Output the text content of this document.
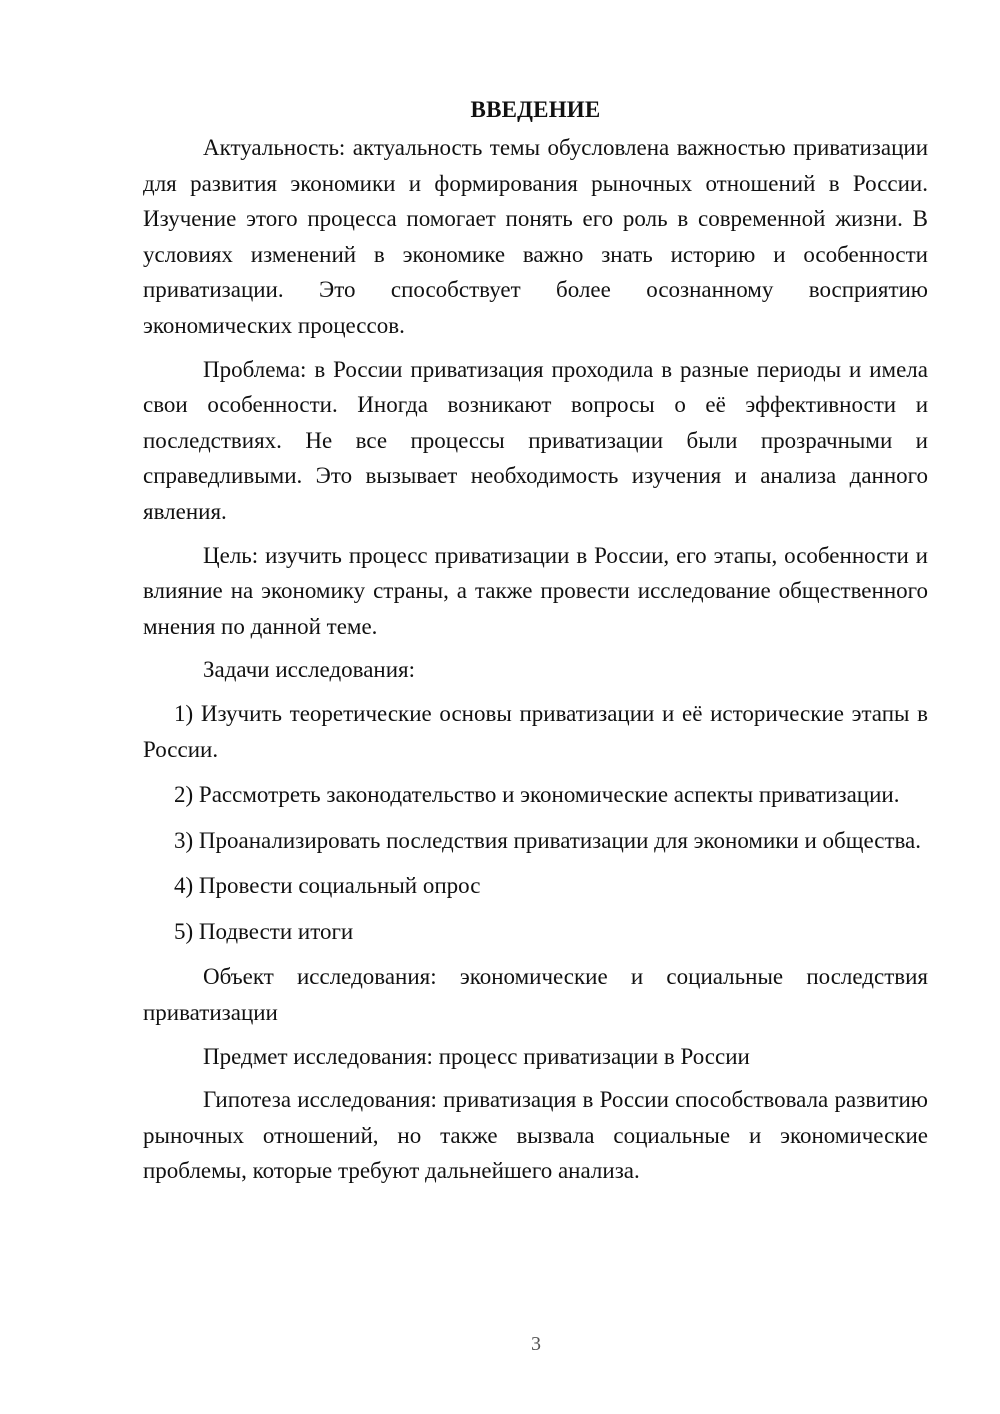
ВВЕДЕНИЕ

Актуальность: актуальность темы обусловлена важностью приватизации для развития экономики и формирования рыночных отношений в России. Изучение этого процесса помогает понять его роль в современной жизни. В условиях изменений в экономике важно знать историю и особенности приватизации. Это способствует более осознанному восприятию экономических процессов.

Проблема: в России приватизация проходила в разные периоды и имела свои особенности. Иногда возникают вопросы о её эффективности и последствиях. Не все процессы приватизации были прозрачными и справедливыми. Это вызывает необходимость изучения и анализа данного явления.

Цель: изучить процесс приватизации в России, его этапы, особенности и влияние на экономику страны, а также провести исследование общественного мнения по данной теме.

Задачи исследования:

1) Изучить теоретические основы приватизации и её исторические этапы в России.

2) Рассмотреть законодательство и экономические аспекты приватизации.

3) Проанализировать последствия приватизации для экономики и общества.

4) Провести социальный опрос

5) Подвести итоги

Объект исследования: экономические и социальные последствия приватизации

Предмет исследования: процесс приватизации в России

Гипотеза исследования: приватизация в России способствовала развитию рыночных отношений, но также вызвала социальные и экономические проблемы, которые требуют дальнейшего анализа.

3
